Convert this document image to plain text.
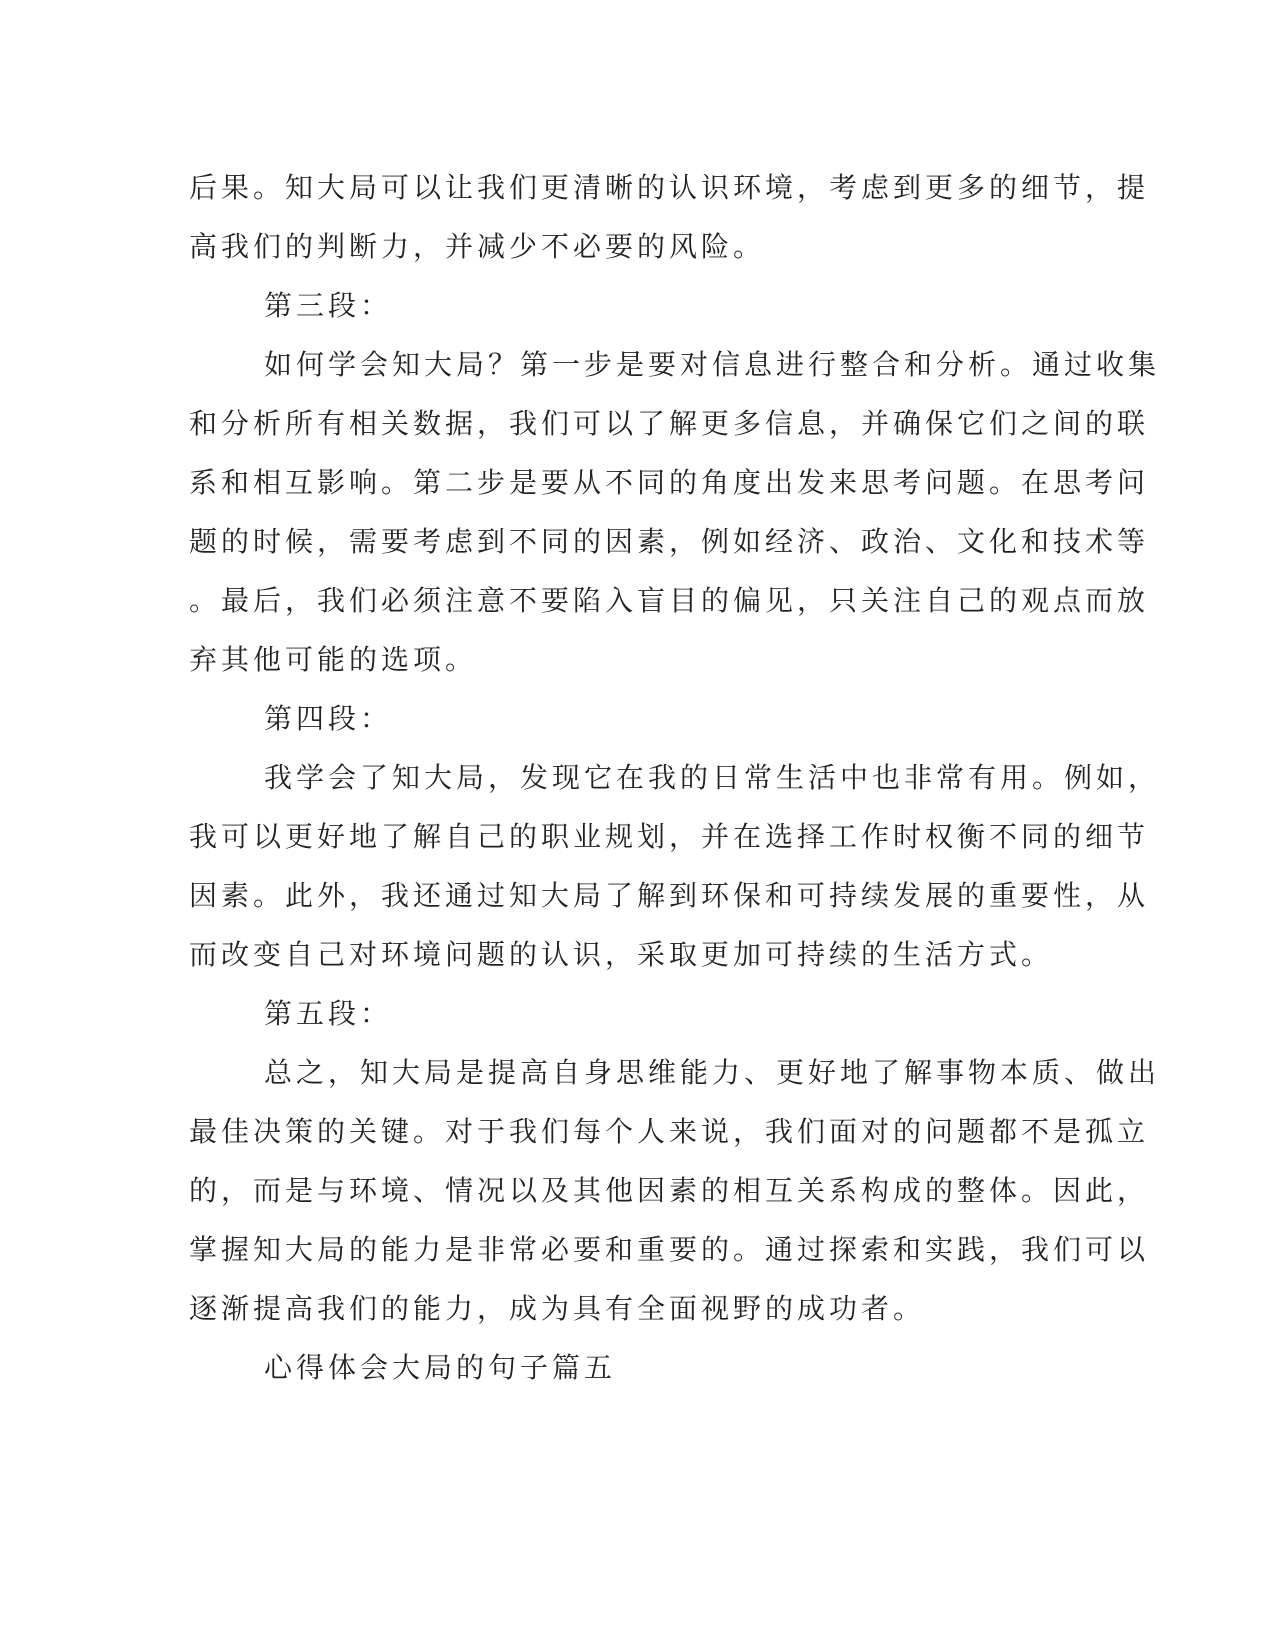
后果。知大局可以让我们更清晰的认识环境，考虑到更多的细节，提
高我们的判断力，并减少不必要的风险。
第三段：
如何学会知大局？第一步是要对信息进行整合和分析。通过收集
和分析所有相关数据，我们可以了解更多信息，并确保它们之间的联
系和相互影响。第二步是要从不同的角度出发来思考问题。在思考问
题的时候，需要考虑到不同的因素，例如经济、政治、文化和技术等
。最后，我们必须注意不要陷入盲目的偏见，只关注自己的观点而放
弃其他可能的选项。
第四段：
我学会了知大局，发现它在我的日常生活中也非常有用。例如，
我可以更好地了解自己的职业规划，并在选择工作时权衡不同的细节
因素。此外，我还通过知大局了解到环保和可持续发展的重要性，从
而改变自己对环境问题的认识，采取更加可持续的生活方式。
第五段：
总之，知大局是提高自身思维能力、更好地了解事物本质、做出
最佳决策的关键。对于我们每个人来说，我们面对的问题都不是孤立
的，而是与环境、情况以及其他因素的相互关系构成的整体。因此，
掌握知大局的能力是非常必要和重要的。通过探索和实践，我们可以
逐渐提高我们的能力，成为具有全面视野的成功者。
心得体会大局的句子篇五
